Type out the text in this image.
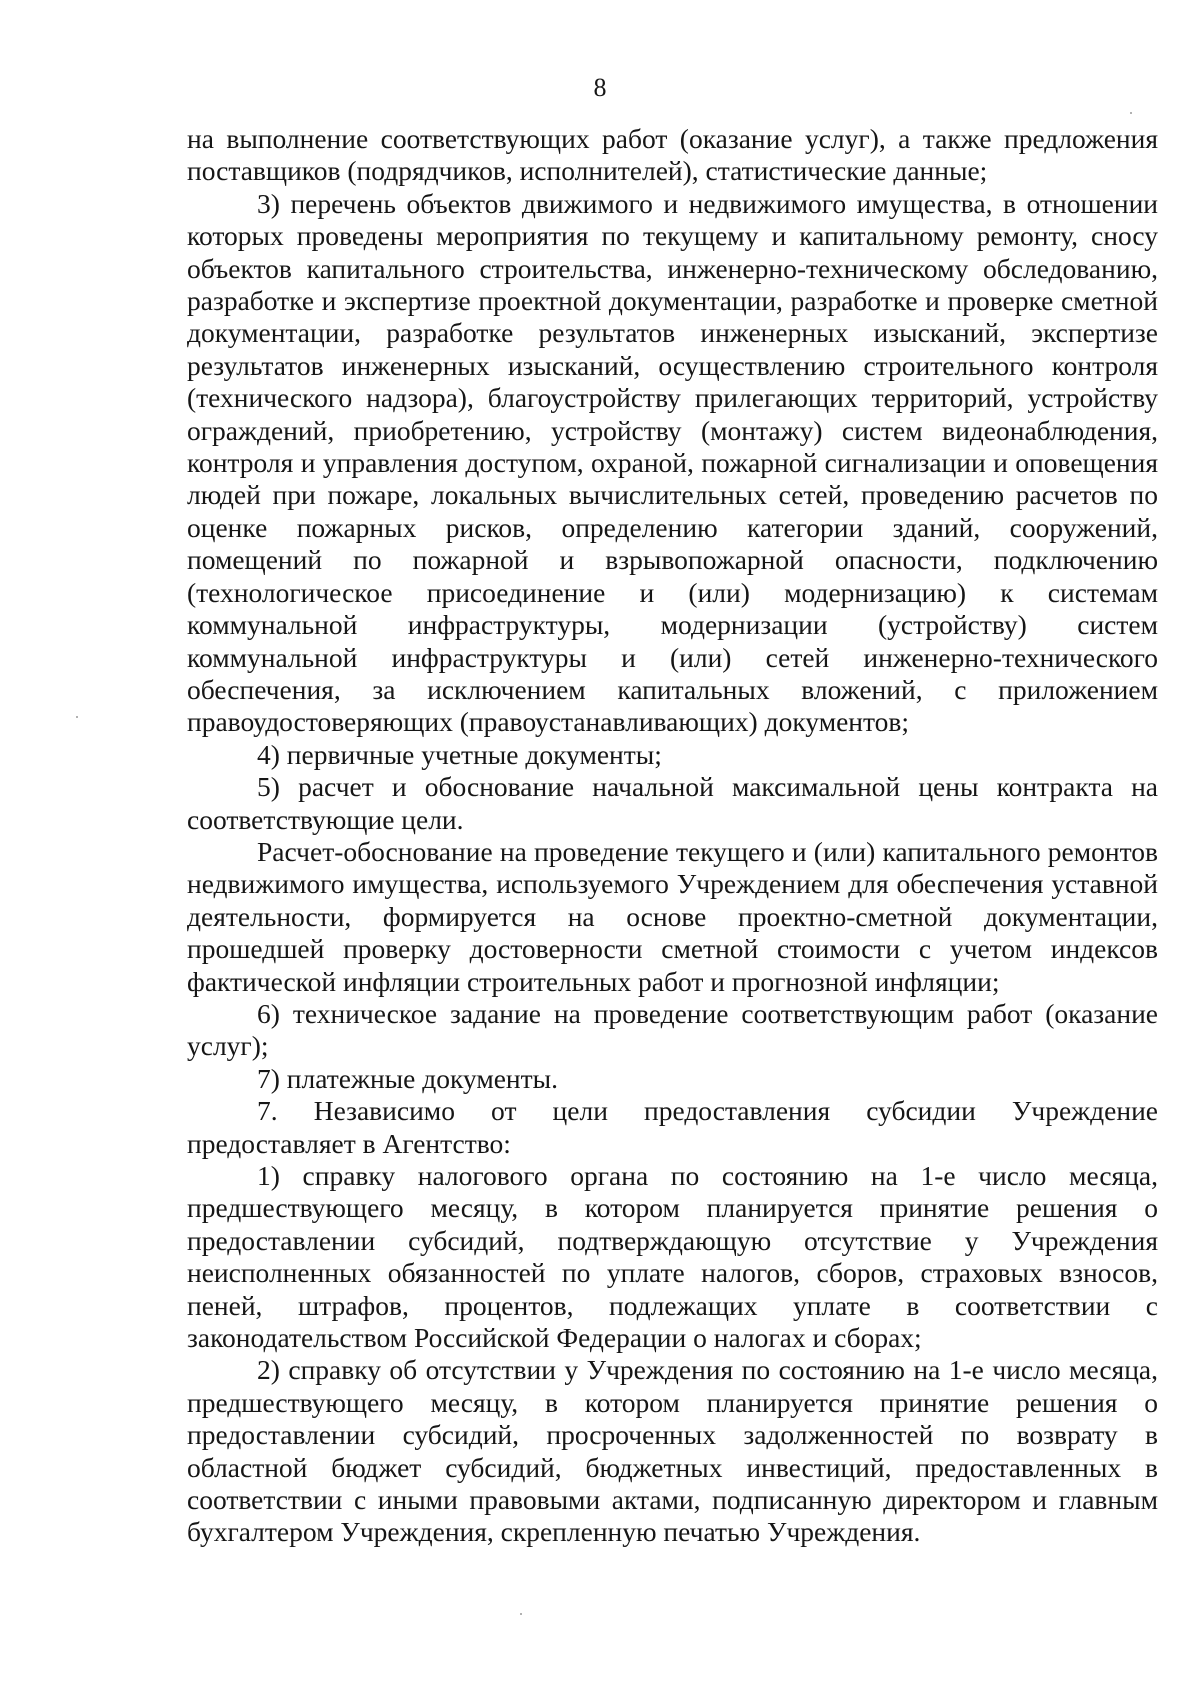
8

на выполнение соответствующих работ (оказание услуг), а также предложения поставщиков (подрядчиков, исполнителей), статистические данные;

3) перечень объектов движимого и недвижимого имущества, в отношении которых проведены мероприятия по текущему и капитальному ремонту, сносу объектов капитального строительства, инженерно-техническому обследованию, разработке и экспертизе проектной документации, разработке и проверке сметной документации, разработке результатов инженерных изысканий, экспертизе результатов инженерных изысканий, осуществлению строительного контроля (технического надзора), благоустройству прилегающих территорий, устройству ограждений, приобретению, устройству (монтажу) систем видеонаблюдения, контроля и управления доступом, охраной, пожарной сигнализации и оповещения людей при пожаре, локальных вычислительных сетей, проведению расчетов по оценке пожарных рисков, определению категории зданий, сооружений, помещений по пожарной и взрывопожарной опасности, подключению (технологическое присоединение и (или) модернизацию) к системам коммунальной инфраструктуры, модернизации (устройству) систем коммунальной инфраструктуры и (или) сетей инженерно-технического обеспечения, за исключением капитальных вложений, с приложением правоудостоверяющих (правоустанавливающих) документов;

4) первичные учетные документы;

5) расчет и обоснование начальной максимальной цены контракта на соответствующие цели.

Расчет-обоснование на проведение текущего и (или) капитального ремонтов недвижимого имущества, используемого Учреждением для обеспечения уставной деятельности, формируется на основе проектно-сметной документации, прошедшей проверку достоверности сметной стоимости с учетом индексов фактической инфляции строительных работ и прогнозной инфляции;

6) техническое задание на проведение соответствующим работ (оказание услуг);

7) платежные документы.

7. Независимо от цели предоставления субсидии Учреждение предоставляет в Агентство:

1) справку налогового органа по состоянию на 1-е число месяца, предшествующего месяцу, в котором планируется принятие решения о предоставлении субсидий, подтверждающую отсутствие у Учреждения неисполненных обязанностей по уплате налогов, сборов, страховых взносов, пеней, штрафов, процентов, подлежащих уплате в соответствии с законодательством Российской Федерации о налогах и сборах;

2) справку об отсутствии у Учреждения по состоянию на 1-е число месяца, предшествующего месяцу, в котором планируется принятие решения о предоставлении субсидий, просроченных задолженностей по возврату в областной бюджет субсидий, бюджетных инвестиций, предоставленных в соответствии с иными правовыми актами, подписанную директором и главным бухгалтером Учреждения, скрепленную печатью Учреждения.
